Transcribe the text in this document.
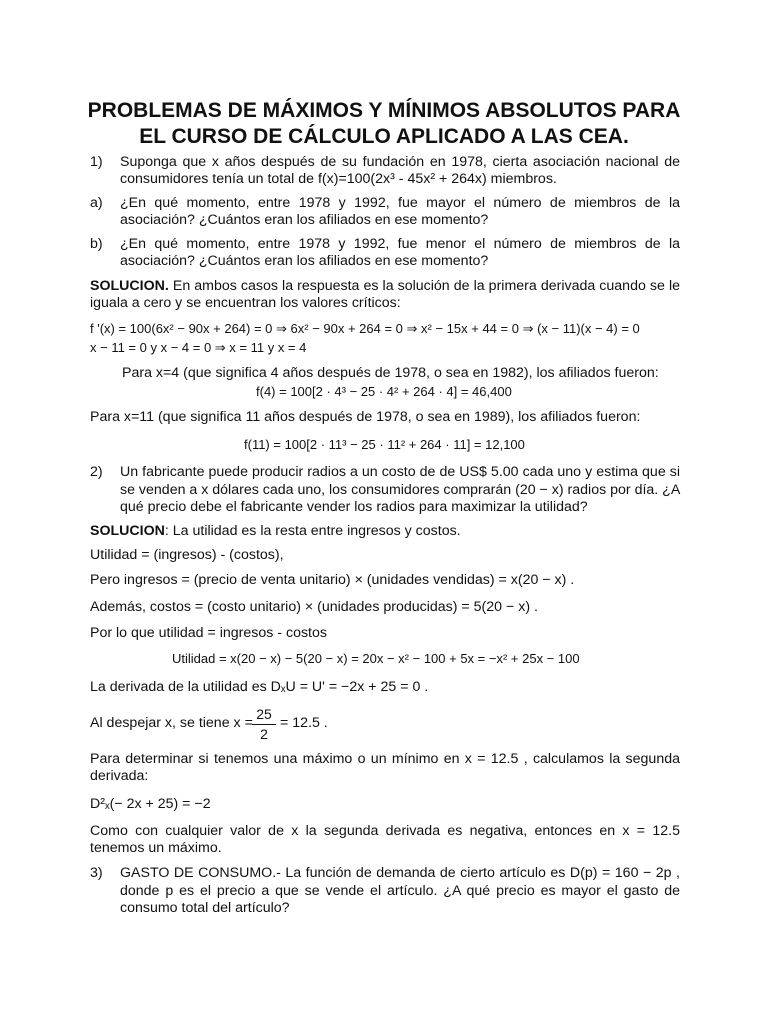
PROBLEMAS DE MÁXIMOS Y MÍNIMOS ABSOLUTOS PARA
EL CURSO DE CÁLCULO APLICADO A LAS CEA.
1) Suponga que x años después de su fundación en 1978, cierta asociación nacional de
consumidores tenía un total de f(x)=100(2x³ - 45x² + 264x) miembros.
a) ¿En qué momento, entre 1978 y 1992, fue mayor el número de miembros de la
asociación? ¿Cuántos eran los afiliados en ese momento?
b) ¿En qué momento, entre 1978 y 1992, fue menor el número de miembros de la
asociación? ¿Cuántos eran los afiliados en ese momento?
SOLUCION. En ambos casos la respuesta es la solución de la primera derivada cuando se le
iguala a cero y se encuentran los valores críticos:
f '(x) = 100(6x² − 90x + 264) = 0 ⇒ 6x² − 90x + 264 = 0 ⇒ x² − 15x + 44 = 0 ⇒ (x − 11)(x − 4) = 0
x − 11 = 0 y x − 4 = 0 ⇒ x = 11 y x = 4
Para x=4 (que significa 4 años después de 1978, o sea en 1982), los afiliados fueron:
f(4) = 100[2 · 4³ − 25 · 4² + 264 · 4] = 46,400
Para x=11 (que significa 11 años después de 1978, o sea en 1989), los afiliados fueron:
f(11) = 100[2 · 11³ − 25 · 11² + 264 · 11] = 12,100
2) Un fabricante puede producir radios a un costo de de US$ 5.00 cada uno y estima que si
se venden a x dólares cada uno, los consumidores comprarán (20 − x) radios por día. ¿A
qué precio debe el fabricante vender los radios para maximizar la utilidad?
SOLUCION: La utilidad es la resta entre ingresos y costos.
Utilidad = (ingresos) - (costos),
Pero ingresos = (precio de venta unitario) × (unidades vendidas) = x(20 − x) .
Además, costos = (costo unitario) × (unidades producidas) = 5(20 − x) .
Por lo que utilidad = ingresos - costos
Utilidad = x(20 − x) − 5(20 − x) = 20x − x² − 100 + 5x = −x² + 25x − 100
La derivada de la utilidad es DₓU = U' = −2x + 25 = 0 .
Al despejar x, se tiene x =
25
2
= 12.5 .
Para determinar si tenemos una máximo o un mínimo en x = 12.5 , calculamos la segunda
derivada:
D²ₓ(− 2x + 25) = −2
Como con cualquier valor de x la segunda derivada es negativa, entonces en x = 12.5
tenemos un máximo.
3) GASTO DE CONSUMO.- La función de demanda de cierto artículo es D(p) = 160 − 2p ,
donde p es el precio a que se vende el artículo. ¿A qué precio es mayor el gasto de
consumo total del artículo?
